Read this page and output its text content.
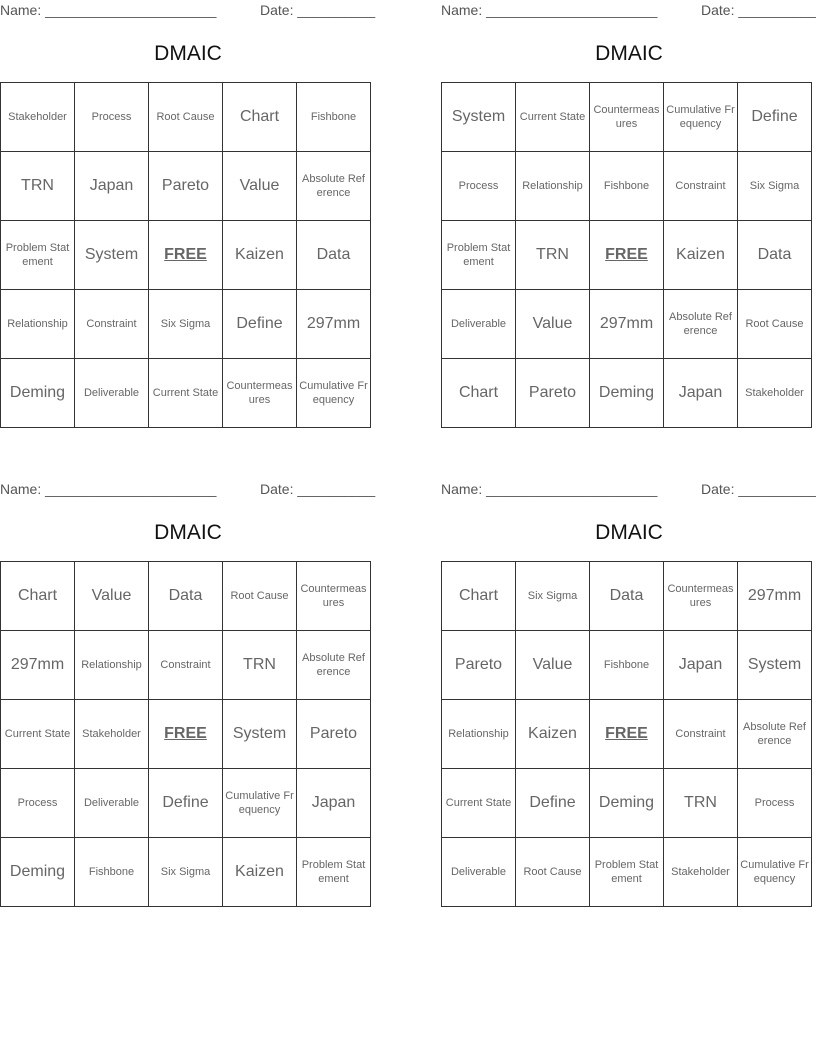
Name: ______________________	Date: __________
DMAIC
Stakeholder	Process	Root Cause	Chart	Fishbone
TRN	Japan	Pareto	Value	Absolute Reference
Problem Statement	System	FREE	Kaizen	Data
Relationship	Constraint	Six Sigma	Define	297mm
Deming	Deliverable	Current State	Countermeasures	Cumulative Frequency
Name: ______________________	Date: __________
DMAIC
System	Current State	Countermeasures	Cumulative Frequency	Define
Process	Relationship	Fishbone	Constraint	Six Sigma
Problem Statement	TRN	FREE	Kaizen	Data
Deliverable	Value	297mm	Absolute Reference	Root Cause
Chart	Pareto	Deming	Japan	Stakeholder
Name: ______________________	Date: __________
DMAIC
Chart	Value	Data	Root Cause	Countermeasures
297mm	Relationship	Constraint	TRN	Absolute Reference
Current State	Stakeholder	FREE	System	Pareto
Process	Deliverable	Define	Cumulative Frequency	Japan
Deming	Fishbone	Six Sigma	Kaizen	Problem Statement
Name: ______________________	Date: __________
DMAIC
Chart	Six Sigma	Data	Countermeasures	297mm
Pareto	Value	Fishbone	Japan	System
Relationship	Kaizen	FREE	Constraint	Absolute Reference
Current State	Define	Deming	TRN	Process
Deliverable	Root Cause	Problem Statement	Stakeholder	Cumulative Frequency
